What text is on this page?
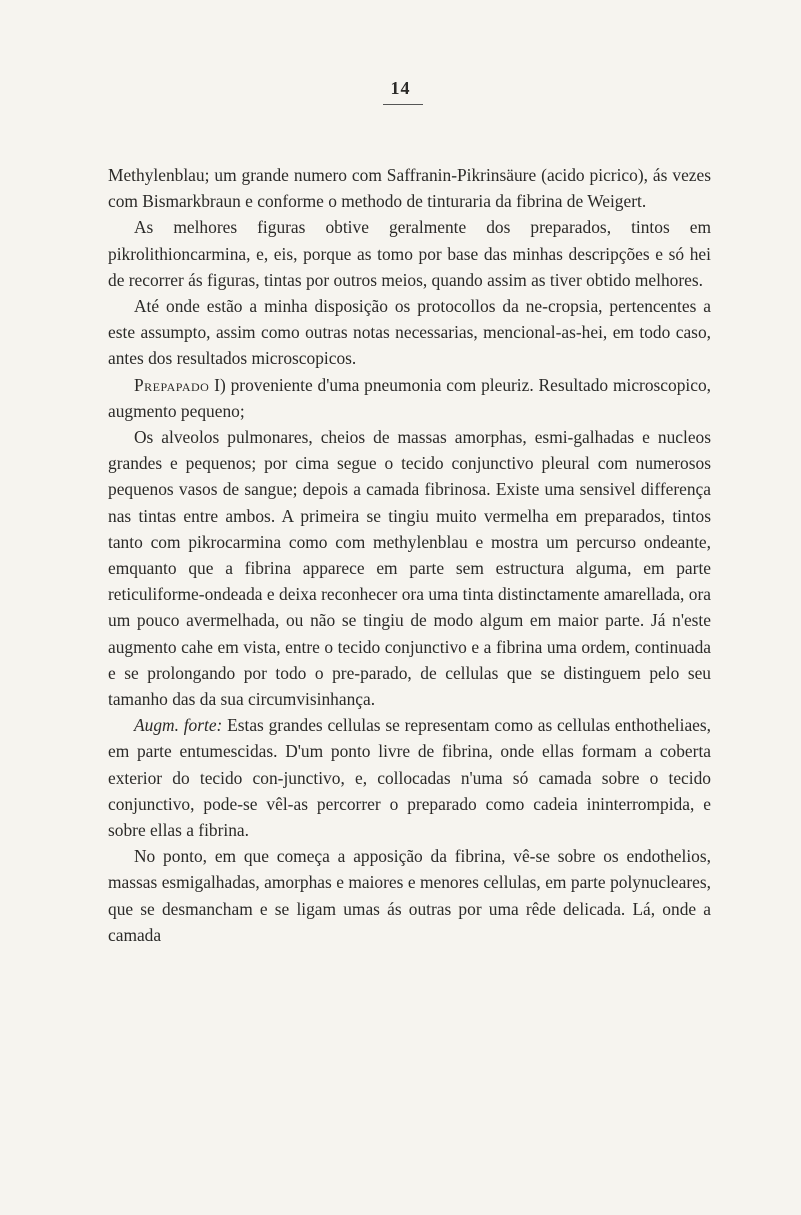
14

Methylenblau; um grande numero com Saffranin-Pikrinsäure (acido picrico), ás vezes com Bismarkbraun e conforme o methodo de tinturaria da fibrina de Weigert.

As melhores figuras obtive geralmente dos preparados, tintos em pikrolithioncarmina, e, eis, porque as tomo por base das minhas descripções e só hei de recorrer ás figuras, tintas por outros meios, quando assim as tiver obtido melhores.

Até onde estão a minha disposição os protocollos da ne‑cropsia, pertencentes a este assumpto, assim como outras notas necessarias, mencional-as-hei, em todo caso, antes dos resultados microscopicos.

Prepapado I) proveniente d'uma pneumonia com pleuriz. Resultado microscopico, augmento pequeno;

Os alveolos pulmonares, cheios de massas amorphas, esmi-galhadas e nucleos grandes e pequenos; por cima segue o tecido conjunctivo pleural com numerosos pequenos vasos de sangue; depois a camada fibrinosa. Existe uma sensivel differença nas tintas entre ambos. A primeira se tingiu muito vermelha em preparados, tintos tanto com pikrocarmina como com methylenblau e mostra um percurso ondeante, emquanto que a fibrina apparece em parte sem estructura alguma, em parte reticuliforme-ondeada e deixa reconhecer ora uma tinta distinctamente amarellada, ora um pouco avermelhada, ou não se tingiu de modo algum em maior parte. Já n'este augmento cahe em vista, entre o tecido conjunctivo e a fibrina uma ordem, continuada e se prolongando por todo o pre-parado, de cellulas que se distinguem pelo seu tamanho das da sua circumvisinhança.

Augm. forte: Estas grandes cellulas se representam como as cellulas enthotheliaes, em parte entumescidas. D'um ponto livre de fibrina, onde ellas formam a coberta exterior do tecido con-junctivo, e, collocadas n'uma só camada sobre o tecido conjunctivo, pode-se vêl-as percorrer o preparado como cadeia ininterrompida, e sobre ellas a fibrina.

No ponto, em que começa a apposição da fibrina, vê-se sobre os endothelios, massas esmigalhadas, amorphas e maiores e menores cellulas, em parte polynucleares, que se desmancham e se ligam umas ás outras por uma rêde delicada. Lá, onde a camada
